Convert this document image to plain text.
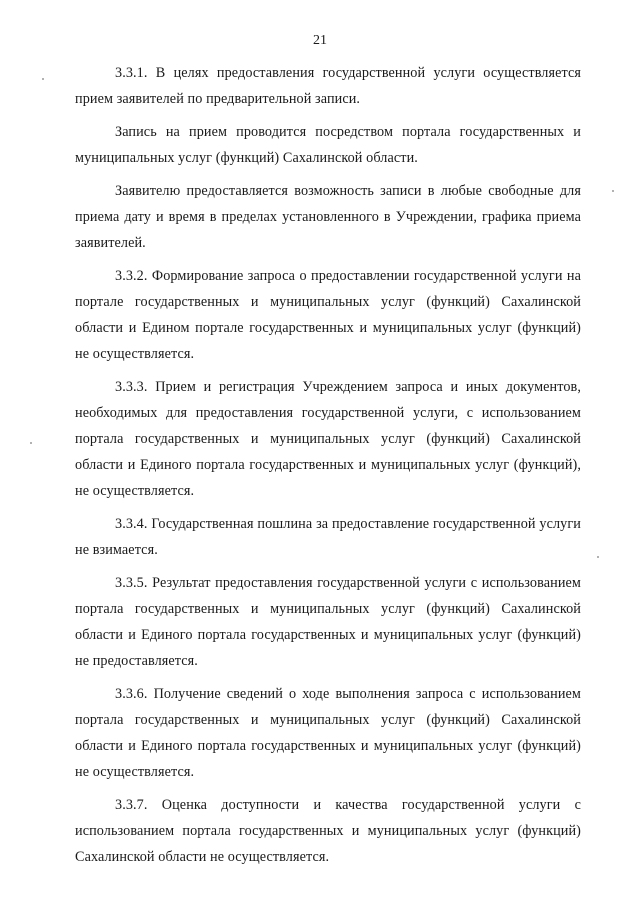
21

3.3.1. В целях предоставления государственной услуги осуществляется прием заявителей по предварительной записи.

Запись на прием проводится посредством портала государственных и муниципальных услуг (функций) Сахалинской области.

Заявителю предоставляется возможность записи в любые свободные для приема дату и время в пределах установленного в Учреждении, графика приема заявителей.

3.3.2. Формирование запроса о предоставлении государственной услуги на портале государственных и муниципальных услуг (функций) Сахалинской области и Едином портале государственных и муниципальных услуг (функций) не осуществляется.

3.3.3. Прием и регистрация Учреждением запроса и иных документов, необходимых для предоставления государственной услуги, с использованием портала государственных и муниципальных услуг (функций) Сахалинской области и Единого портала государственных и муниципальных услуг (функций), не осуществляется.

3.3.4. Государственная пошлина за предоставление государственной услуги не взимается.

3.3.5. Результат предоставления государственной услуги с использованием портала государственных и муниципальных услуг (функций) Сахалинской области и Единого портала государственных и муниципальных услуг (функций) не предоставляется.

3.3.6. Получение сведений о ходе выполнения запроса с использованием портала государственных и муниципальных услуг (функций) Сахалинской области и Единого портала государственных и муниципальных услуг (функций) не осуществляется.

3.3.7. Оценка доступности и качества государственной услуги с использованием портала государственных и муниципальных услуг (функций) Сахалинской области не осуществляется.
